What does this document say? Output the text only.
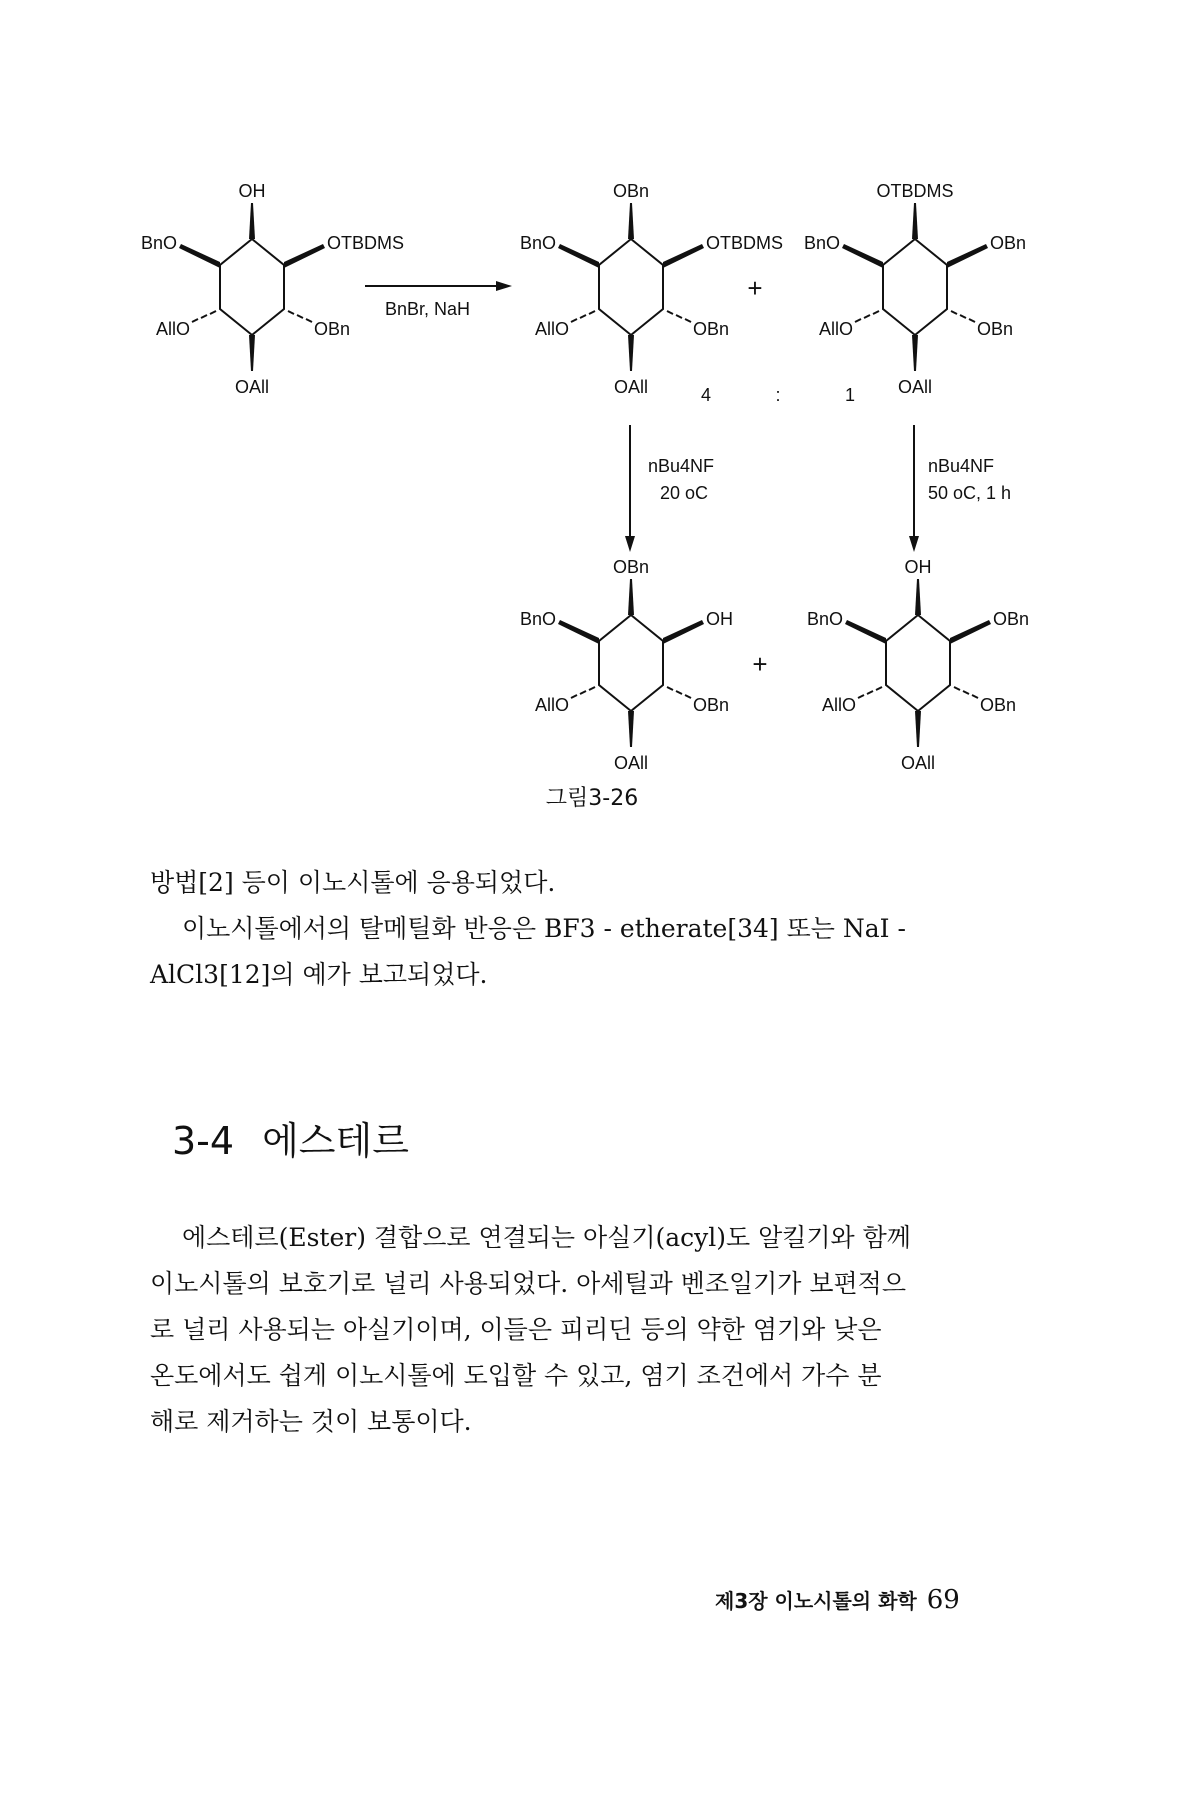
OH
BnO	OTBDMS
AllO	OBn
OAll
BnBr, NaH
OBn
BnO	OTBDMS
AllO	OBn
OAll
+
OTBDMS
BnO	OBn
AllO	OBn
OAll
4	:	1
nBu4NF
20 oC
nBu4NF
50 oC, 1 h
OBn
BnO	OH
AllO	OBn
OAll
+
OH
BnO	OBn
AllO	OBn
OAll
그림3-26

방법[2] 등이 이노시톨에 응용되었다.
이노시톨에서의 탈메틸화 반응은 BF3 - etherate[34] 또는 NaI -
AlCl3[12]의 예가 보고되었다.

3-4 에스테르

에스테르(Ester) 결합으로 연결되는 아실기(acyl)도 알킬기와 함께
이노시톨의 보호기로 널리 사용되었다. 아세틸과 벤조일기가 보편적으
로 널리 사용되는 아실기이며, 이들은 피리딘 등의 약한 염기와 낮은
온도에서도 쉽게 이노시톨에 도입할 수 있고, 염기 조건에서 가수 분
해로 제거하는 것이 보통이다.

제3장 이노시톨의 화학 69
